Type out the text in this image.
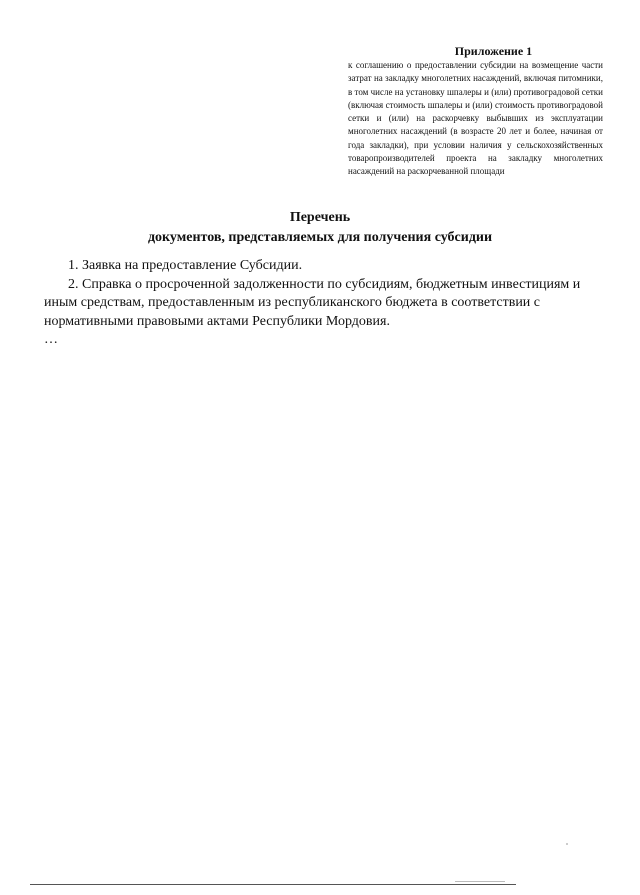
Приложение 1

к соглашению о предоставлении субсидии на возмещение части затрат на закладку многолетних насаждений, включая питомники, в том числе на установку шпалеры и (или) противоградовой сетки (включая стоимость шпалеры и (или) стоимость противоградовой сетки и (или) на раскорчевку выбывших из эксплуатации многолетних насаждений (в возрасте 20 лет и более, начиная от года закладки), при условии наличия у сельскохозяйственных товаропроизводителей проекта на закладку многолетних насаждений на раскорчеванной площади

Перечень
документов, представляемых для получения субсидии

1. Заявка на предоставление Субсидии.

2. Справка о просроченной задолженности по субсидиям, бюджетным инвестициям и иным средствам, предоставленным из республиканского бюджета в соответствии с нормативными правовыми актами Республики Мордовия.

…
